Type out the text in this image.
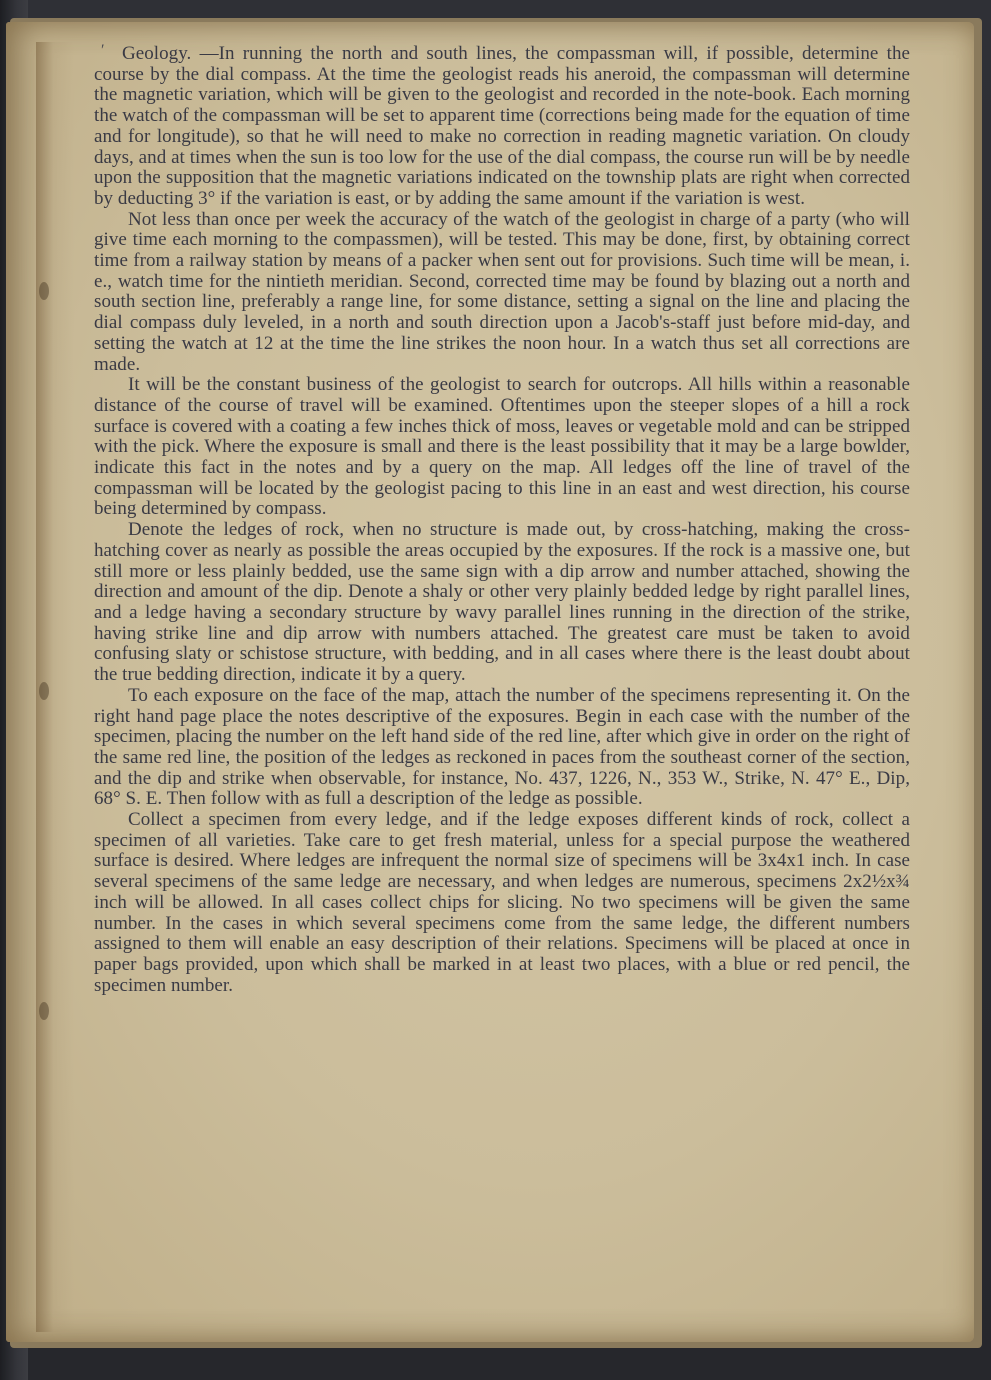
′ Geology. —In running the north and south lines, the compassman will, if possible, determine the course by the dial compass. At the time the geologist reads his aneroid, the compassman will determine the magnetic variation, which will be given to the geologist and recorded in the note-book. Each morning the watch of the compassman will be set to apparent time (corrections being made for the equation of time and for longitude), so that he will need to make no correction in reading magnetic variation. On cloudy days, and at times when the sun is too low for the use of the dial compass, the course run will be by needle upon the supposition that the magnetic variations indicated on the township plats are right when corrected by deducting 3° if the variation is east, or by adding the same amount if the variation is west.

Not less than once per week the accuracy of the watch of the geologist in charge of a party (who will give time each morning to the compassmen), will be tested. This may be done, first, by obtaining correct time from a railway station by means of a packer when sent out for provisions. Such time will be mean, i. e., watch time for the nintieth meridian. Second, corrected time may be found by blazing out a north and south section line, preferably a range line, for some distance, setting a signal on the line and placing the dial compass duly leveled, in a north and south direction upon a Jacob's-staff just before mid-day, and setting the watch at 12 at the time the line strikes the noon hour. In a watch thus set all corrections are made.

It will be the constant business of the geologist to search for outcrops. All hills within a reasonable distance of the course of travel will be examined. Oftentimes upon the steeper slopes of a hill a rock surface is covered with a coating a few inches thick of moss, leaves or vegetable mold and can be stripped with the pick. Where the exposure is small and there is the least possibility that it may be a large bowlder, indicate this fact in the notes and by a query on the map. All ledges off the line of travel of the compassman will be located by the geologist pacing to this line in an east and west direction, his course being determined by compass.

Denote the ledges of rock, when no structure is made out, by cross-hatching, making the cross-hatching cover as nearly as possible the areas occupied by the exposures. If the rock is a massive one, but still more or less plainly bedded, use the same sign with a dip arrow and number attached, showing the direction and amount of the dip. Denote a shaly or other very plainly bedded ledge by right parallel lines, and a ledge having a secondary structure by wavy parallel lines running in the direction of the strike, having strike line and dip arrow with numbers attached. The greatest care must be taken to avoid confusing slaty or schistose structure, with bedding, and in all cases where there is the least doubt about the true bedding direction, indicate it by a query.

To each exposure on the face of the map, attach the number of the specimens representing it. On the right hand page place the notes descriptive of the exposures. Begin in each case with the number of the specimen, placing the number on the left hand side of the red line, after which give in order on the right of the same red line, the position of the ledges as reckoned in paces from the southeast corner of the section, and the dip and strike when observable, for instance, No. 437, 1226, N., 353 W., Strike, N. 47° E., Dip, 68° S. E. Then follow with as full a description of the ledge as possible.

Collect a specimen from every ledge, and if the ledge exposes different kinds of rock, collect a specimen of all varieties. Take care to get fresh material, unless for a special purpose the weathered surface is desired. Where ledges are infrequent the normal size of specimens will be 3x4x1 inch. In case several specimens of the same ledge are necessary, and when ledges are numerous, specimens 2x2½x¾ inch will be allowed. In all cases collect chips for slicing. No two specimens will be given the same number. In the cases in which several specimens come from the same ledge, the different numbers assigned to them will enable an easy description of their relations. Specimens will be placed at once in paper bags provided, upon which shall be marked in at least two places, with a blue or red pencil, the specimen number.
